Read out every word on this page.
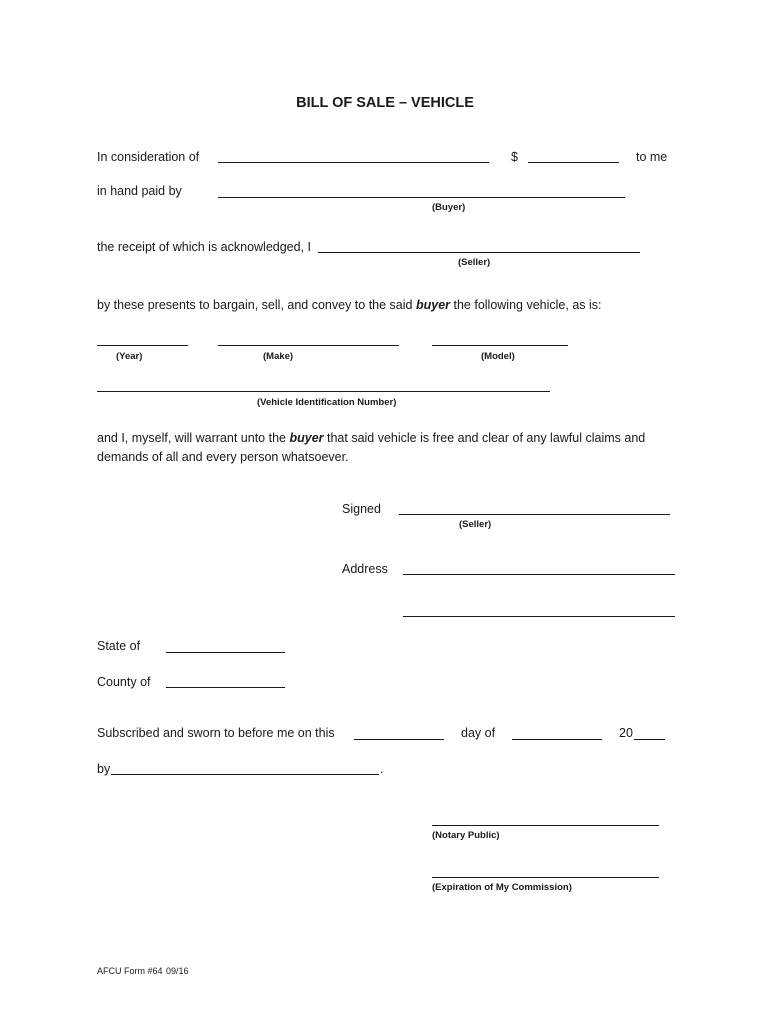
BILL OF SALE – VEHICLE
In consideration of	$	to me
in hand paid by
(Buyer)
the receipt of which is acknowledged, I
(Seller)
by these presents to bargain, sell, and convey to the said buyer the following vehicle, as is:
(Year)	(Make)	(Model)
(Vehicle Identification Number)
and I, myself, will warrant unto the buyer that said vehicle is free and clear of any lawful claims and
demands of all and every person whatsoever.
Signed
(Seller)
Address
State of
County of
Subscribed and sworn to before me on this	day of	20
by	.
(Notary Public)
(Expiration of My Commission)
AFCU Form #64 09/16
